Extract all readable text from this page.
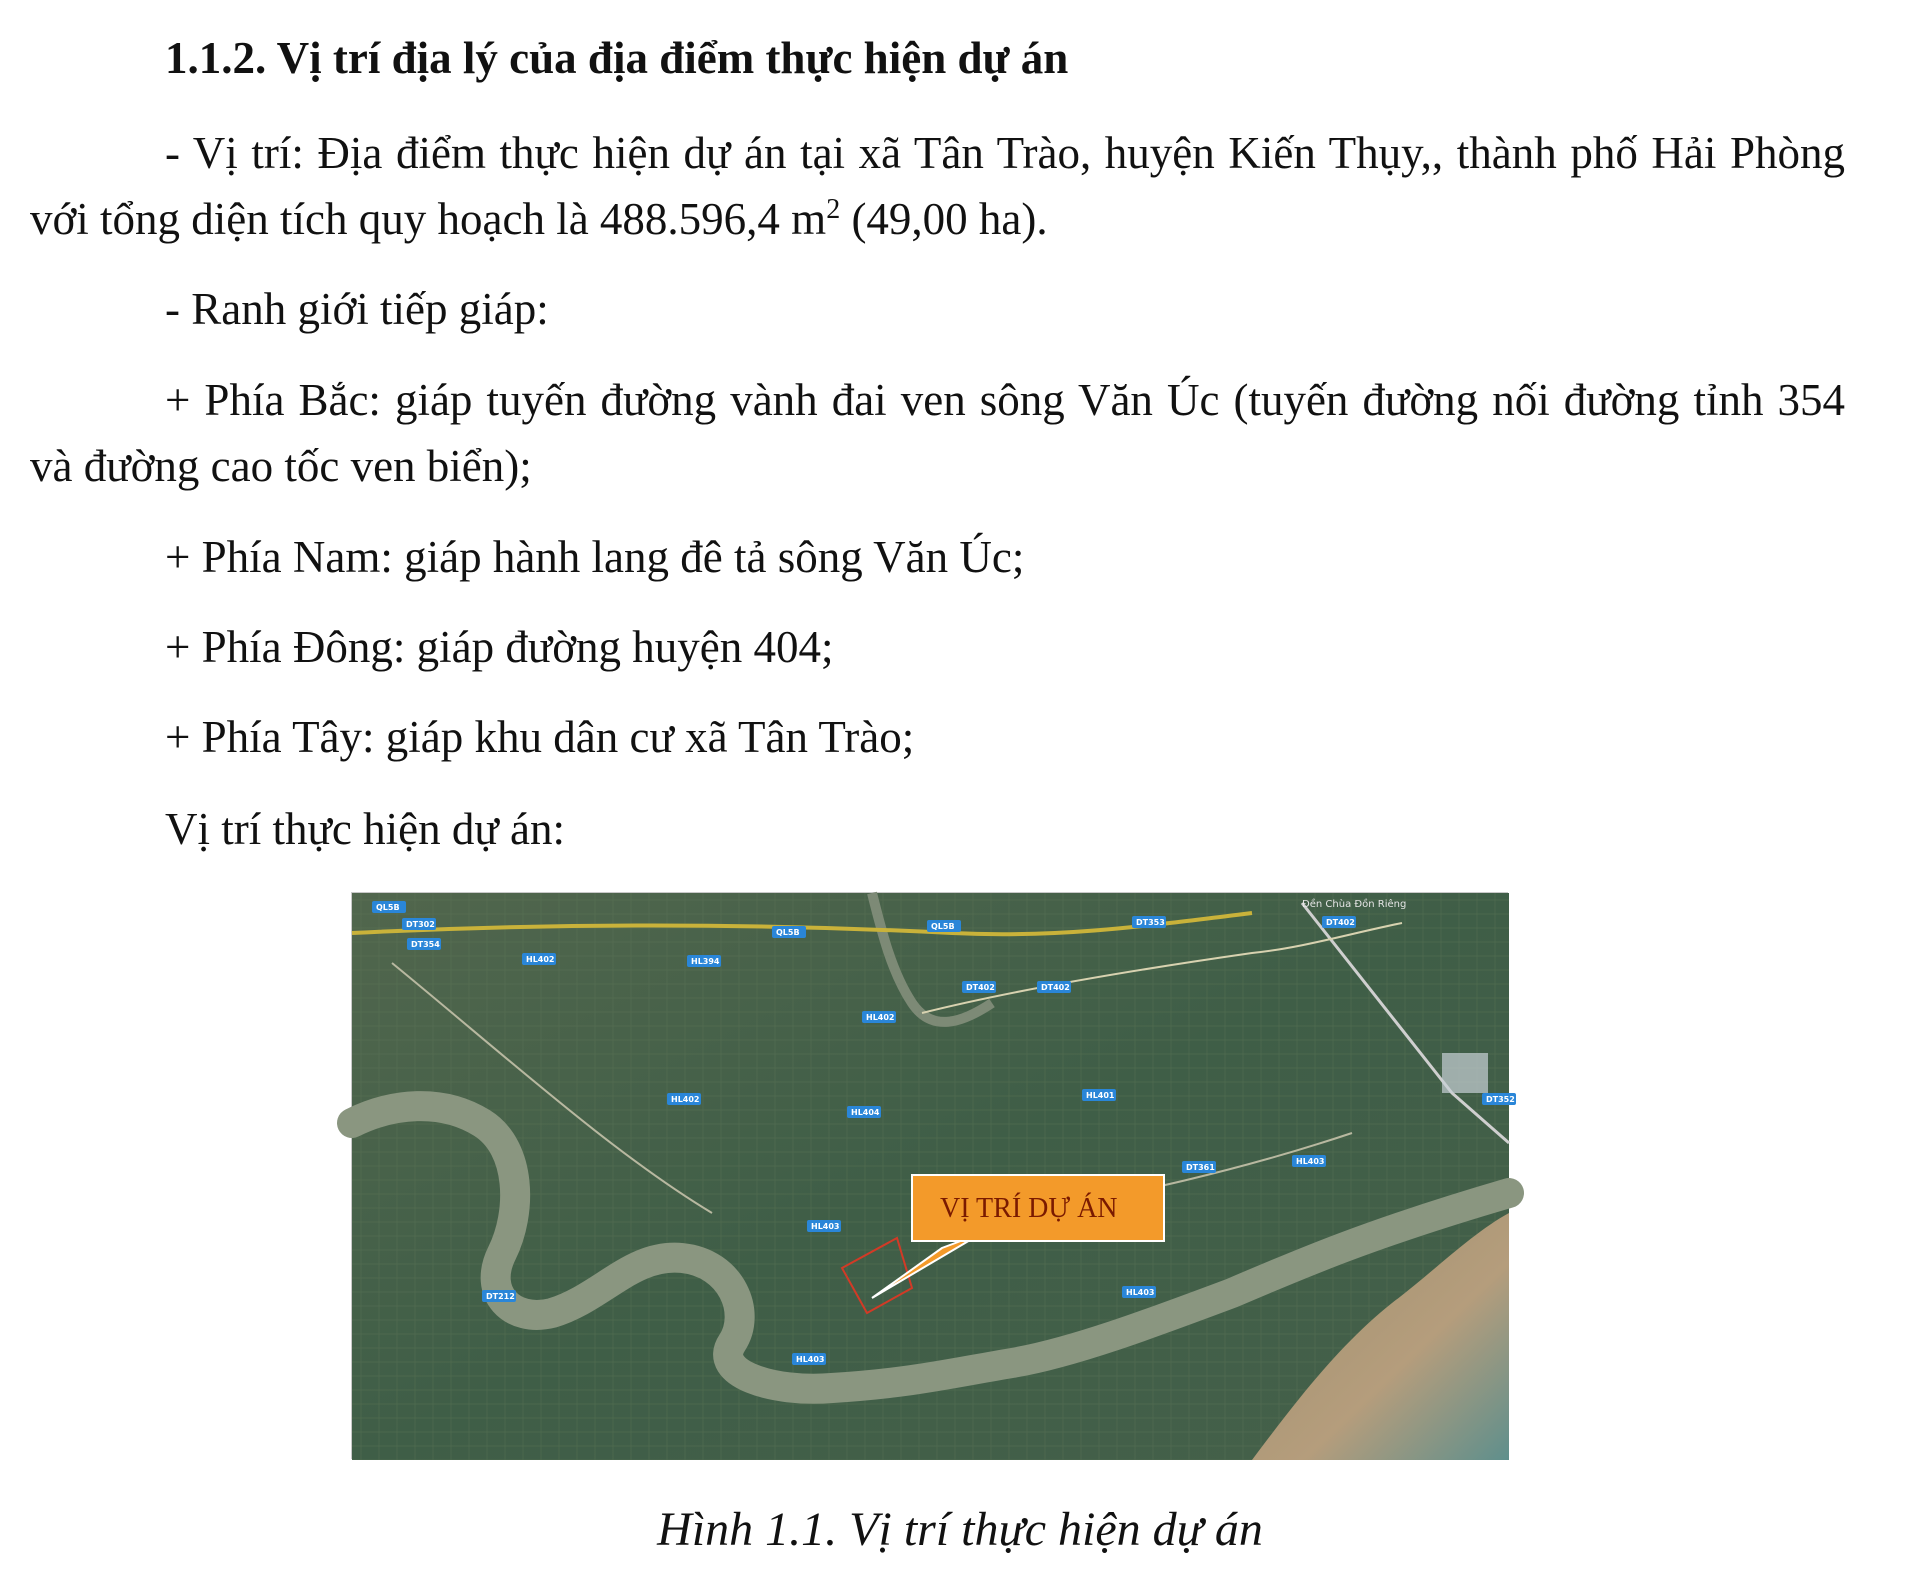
1.1.2. Vị trí địa lý của địa điểm thực hiện dự án

- Vị trí: Địa điểm thực hiện dự án tại xã Tân Trào, huyện Kiến Thụy,, thành phố Hải Phòng với tổng diện tích quy hoạch là 488.596,4 $m^2$ (49,00 ha).

- Ranh giới tiếp giáp:

+ Phía Bắc: giáp tuyến đường vành đai ven sông Văn Úc (tuyến đường nối đường tỉnh 354 và đường cao tốc ven biển);

+ Phía Nam: giáp hành lang đê tả sông Văn Úc;

+ Phía Đông: giáp đường huyện 404;

+ Phía Tây: giáp khu dân cư xã Tân Trào;

Vị trí thực hiện dự án:

VỊ TRÍ DỰ ÁN
Đền Chùa Đồn Riêng
QL5B
DT302
DT354
HL402
QL5B
HL394
QL5B	DT353	DT402
DT402	DT402
HL402
HL402
HL404
HL401	DT352
DT361
HL403
HL403
HL403
DT212
HL403
Hình 1.1. Vị trí thực hiện dự án
